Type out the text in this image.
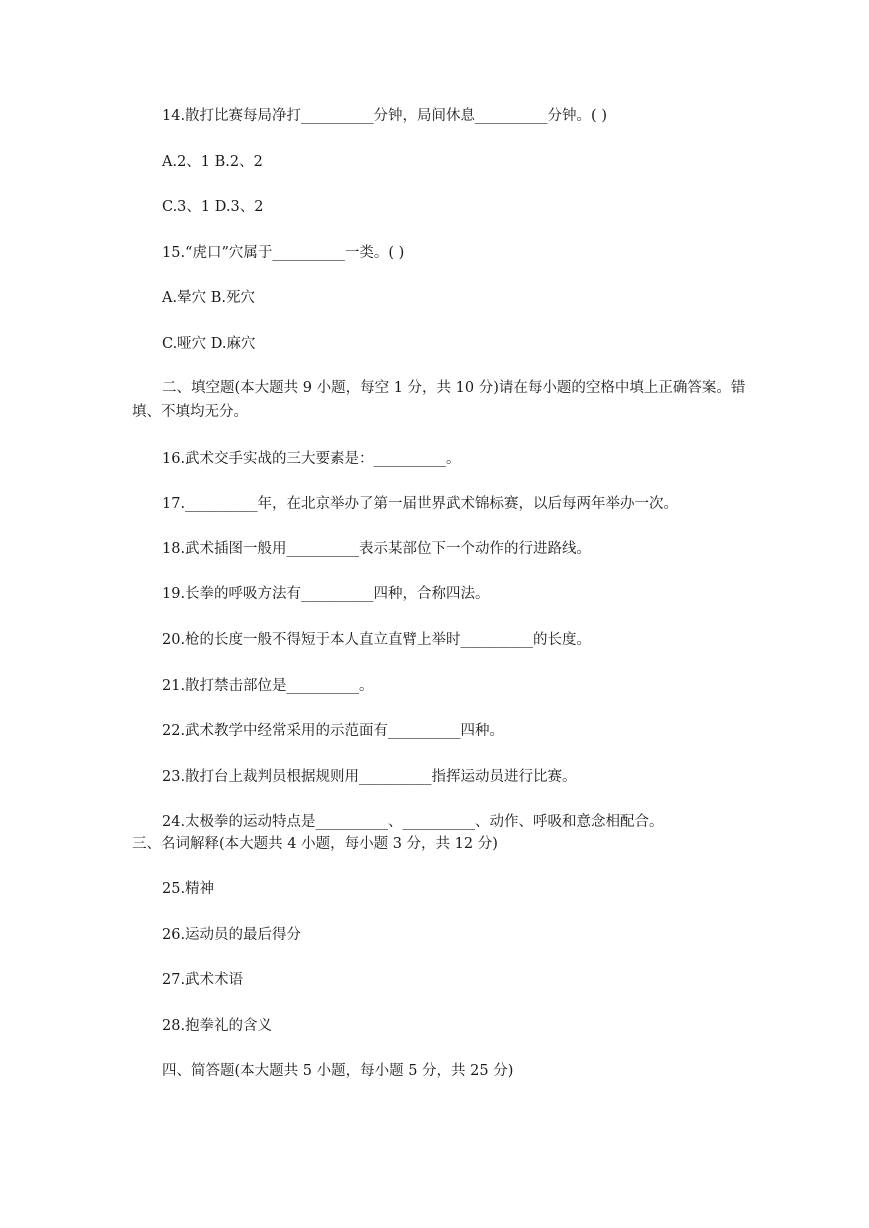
14.散打比赛每局净打__________分钟，局间休息__________分钟。( )
A.2、1 B.2、2
C.3、1 D.3、2
15.“虎口”穴属于__________一类。( )
A.晕穴 B.死穴
C.哑穴 D.麻穴
二、填空题(本大题共 9 小题，每空 1 分，共 10 分)请在每小题的空格中填上正确答案。错填、不填均无分。
16.武术交手实战的三大要素是：__________。
17.__________年，在北京举办了第一届世界武术锦标赛，以后每两年举办一次。
18.武术插图一般用__________表示某部位下一个动作的行进路线。
19.长拳的呼吸方法有__________四种，合称四法。
20.枪的长度一般不得短于本人直立直臂上举时__________的长度。
21.散打禁击部位是__________。
22.武术教学中经常采用的示范面有__________四种。
23.散打台上裁判员根据规则用__________指挥运动员进行比赛。
24.太极拳的运动特点是__________、__________、动作、呼吸和意念相配合。
三、名词解释(本大题共 4 小题，每小题 3 分，共 12 分)
25.精神
26.运动员的最后得分
27.武术术语
28.抱拳礼的含义
四、简答题(本大题共 5 小题，每小题 5 分，共 25 分)
